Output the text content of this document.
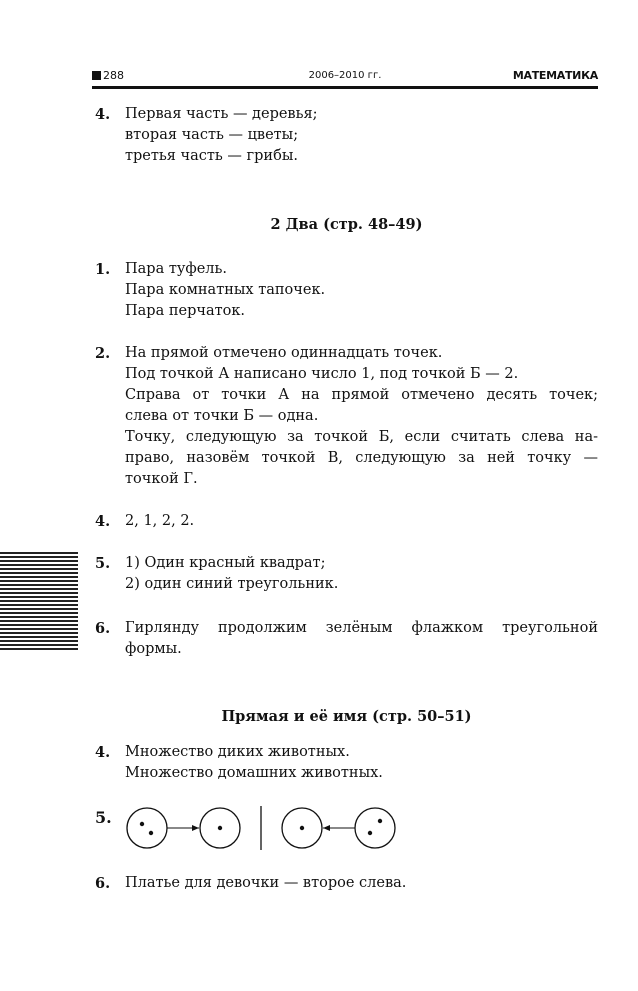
288	2006–2010 гг.	МАТЕМАТИКА
4. Первая часть — деревья;
вторая часть — цветы;
третья часть — грибы.
2 Два (стр. 48–49)
1. Пара туфель.
Пара комнатных тапочек.
Пара перчаток.
2. На прямой отмечено одиннадцать точек.
Под точкой А написано число 1, под точкой Б — 2.
Справа от точки А на прямой отмечено десять точек;
слева от точки Б — одна.
Точку, следующую за точкой Б, если считать слева на-
право, назовём точкой В, следующую за ней точку —
точкой Г.
4. 2, 1, 2, 2.
5. 1) Один красный квадрат;
2) один синий треугольник.
6. Гирлянду продолжим зелёным флажком треугольной
формы.
Прямая и её имя (стр. 50–51)
4. Множество диких животных.
Множество домашних животных.
5.
6. Платье для девочки — второе слева.
